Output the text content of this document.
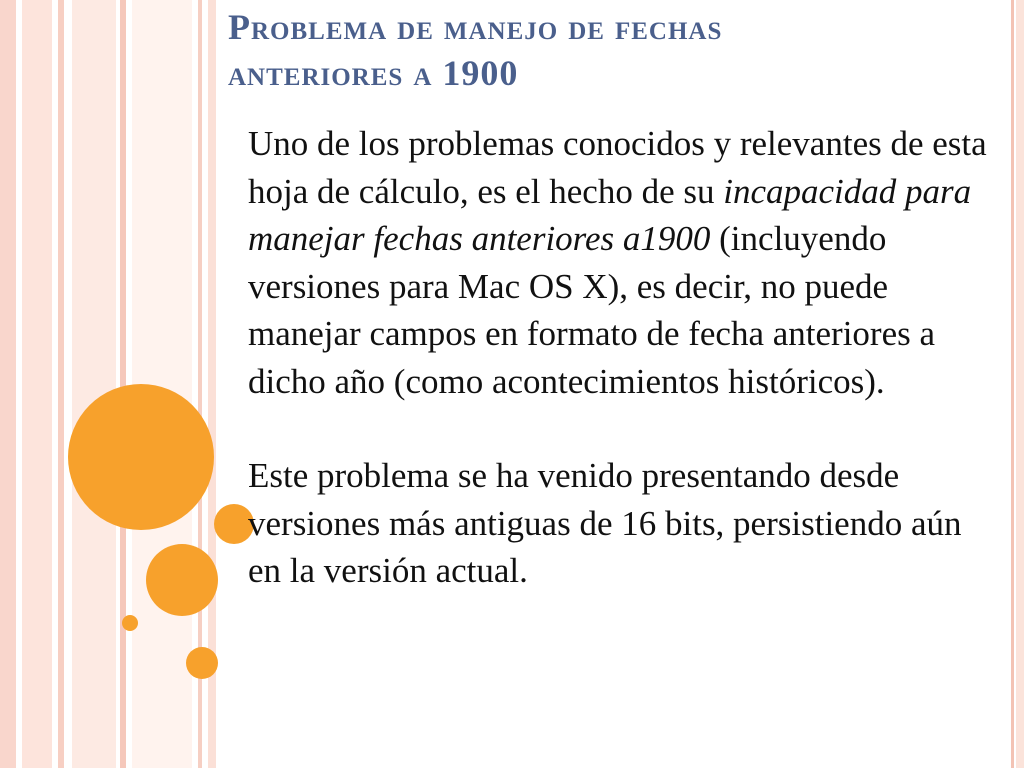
Problema de manejo de fechas
anteriores a 1900

Uno de los problemas conocidos y relevantes de esta hoja de cálculo, es el hecho de su incapacidad para manejar fechas anteriores a1900 (incluyendo versiones para Mac OS X), es decir, no puede manejar campos en formato de fecha anteriores a dicho año (como acontecimientos históricos).

Este problema se ha venido presentando desde versiones más antiguas de 16 bits, persistiendo aún en la versión actual.
